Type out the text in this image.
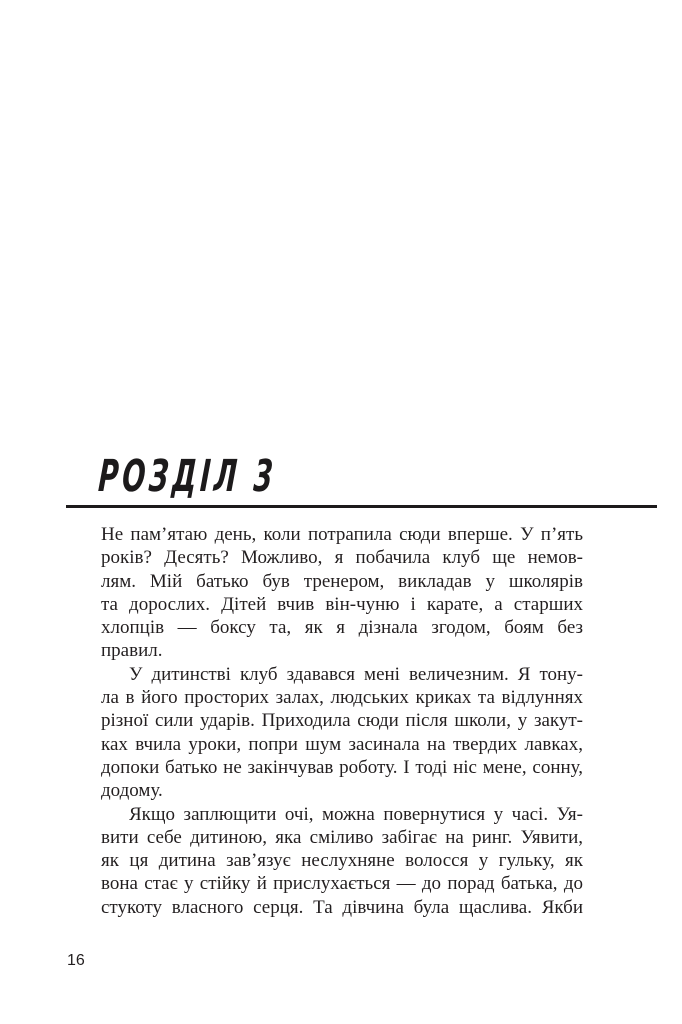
РОЗДІЛ 3
Не пам’ятаю день, коли потрапила сюди вперше. У п’ять
років? Десять? Можливо, я побачила клуб ще немов-
лям. Мій батько був тренером, викладав у школярів
та дорослих. Дітей вчив він-чуню і карате, а старших
хлопців — боксу та, як я дізнала згодом, боям без
правил.
У дитинстві клуб здавався мені величезним. Я тону-
ла в його просторих залах, людських криках та відлуннях
різної сили ударів. Приходила сюди після школи, у закут-
ках вчила уроки, попри шум засинала на твердих лавках,
допоки батько не закінчував роботу. І тоді ніс мене, сонну,
додому.
Якщо заплющити очі, можна повернутися у часі. Уя-
вити себе дитиною, яка сміливо забігає на ринг. Уявити,
як ця дитина зав’язує неслухняне волосся у гульку, як
вона стає у стійку й прислухається — до порад батька, до
стукоту власного серця. Та дівчина була щаслива. Якби
16
